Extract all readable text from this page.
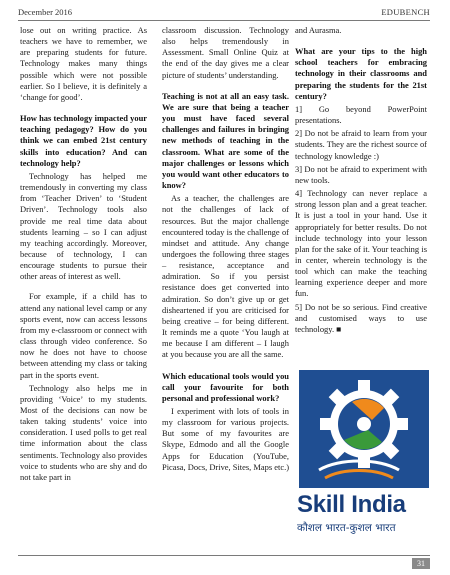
December 2016	EDUBENCH

lose out on writing practice. As teachers we have to remember, we are preparing students for future. Technology makes many things possible which were not possible earlier. So I believe, it is definitely a ‘change for good’.

How has technology impacted your teaching pedagogy? How do you think we can embed 21st century skills into education? And can technology help?

Technology has helped me tremendously in converting my class from ‘Teacher Driven’ to ‘Student Driven’. Technology tools also provide me real time data about students learning – so I can adjust my teaching accordingly. Moreover, because of technology, I can encourage students to pursue their other areas of interest as well.

For example, if a child has to attend any national level camp or any sports event, now can access lessons from my e-classroom or connect with class through video conference. So now he does not have to choose between attending my class or taking part in the sports event.

Technology also helps me in providing ‘Voice’ to my students. Most of the decisions can now be taken taking students’ voice into consideration. I used polls to get real time information about the class sentiments. Technology also provides voice to students who are shy and do not take part in

classroom discussion. Technology also helps tremendously in Assessment. Small Online Quiz at the end of the day gives me a clear picture of students’ understanding.

Teaching is not at all an easy task. We are sure that being a teacher you must have faced several challenges and failures in bringing new methods of teaching in the classroom. What are some of the major challenges or lessons which you would want other educators to know?

As a teacher, the challenges are not the challenges of lack of resources. But the major challenge encountered today is the challenge of mindset and attitude. Any change undergoes the following three stages – resistance, acceptance and admiration. So if you persist resistance does get converted into admiration. So don’t give up or get disheartened if you are criticised for being creative – for being different. It reminds me a quote ‘You laugh at me because I am different – I laugh at you because you are all the same.

Which educational tools would you call your favourite for both personal and professional work?

I experiment with lots of tools in my classroom for various projects. But some of my favourites are Skype, Edmodo and all the Google Apps for Education (YouTube, Picasa, Docs, Drive, Sites, Maps etc.)

and Aurasma.

What are your tips to the high school teachers for embracing technology in their classrooms and preparing the students for the 21st century?

1] Go beyond PowerPoint presentations.

2] Do not be afraid to learn from your students. They are the richest source of technology knowledge :)

3] Do not be afraid to experiment with new tools.

4] Technology can never replace a strong lesson plan and a great teacher. It is just a tool in your hand. Use it appropriately for better results. Do not include technology into your lesson plan for the sake of it. Your teaching is in center, wherein technology is the tool which can make the teaching learning experience deeper and more fun.

5] Do not be so serious. Find creative and customised ways to use technology. ■

Skill India
कौशल भारत-कुशल भारत
31
